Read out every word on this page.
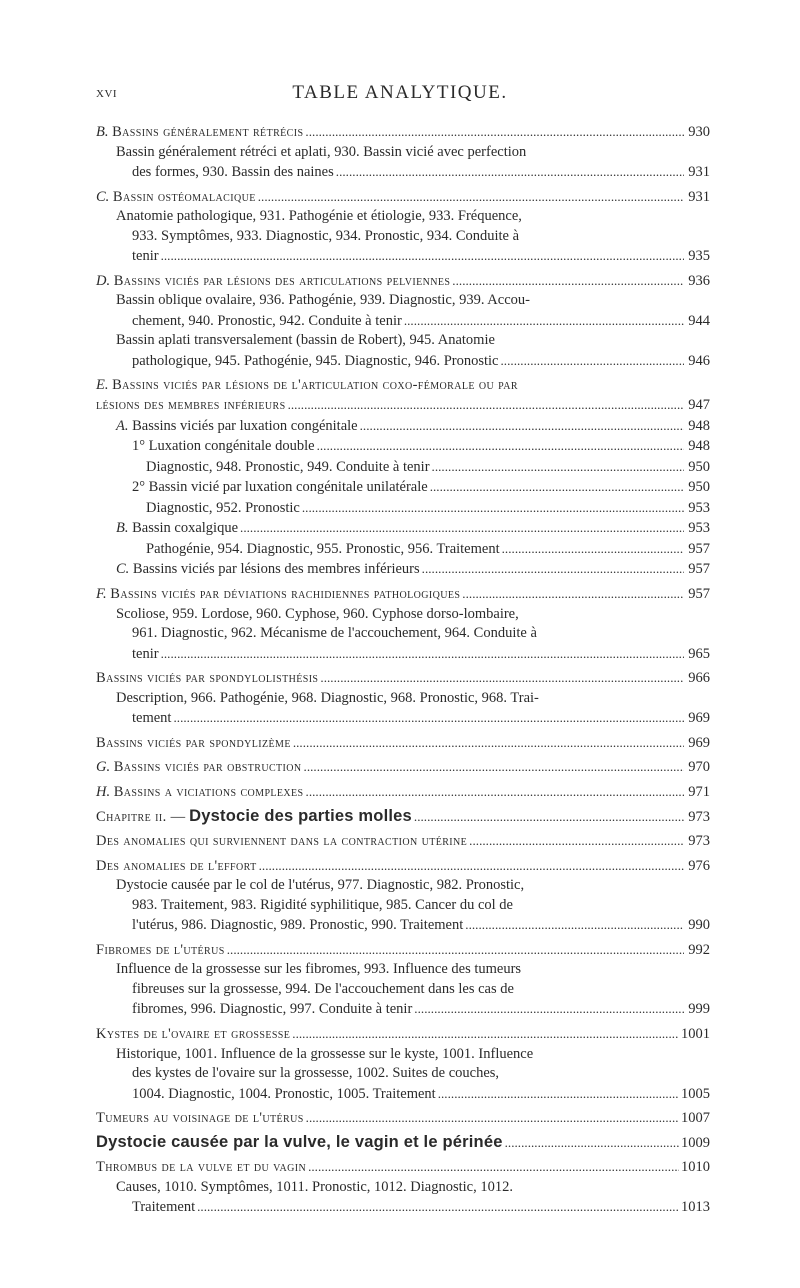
XVI	TABLE ANALYTIQUE.
B. Bassins généralement rétrécis . . .	930
Bassin généralement rétréci et aplati, 930. Bassin vicié avec perfection
des formes, 930. Bassin des naines . . .	931
C. Bassin ostéomalacique . . .	931
Anatomie pathologique, 931. Pathogénie et étiologie, 933. Fréquence,
933. Symptômes, 933. Diagnostic, 934. Pronostic, 934. Conduite à
tenir . . .	935
D. Bassins viciés par lésions des articulations pelviennes . . .	936
Bassin oblique ovalaire, 936. Pathogénie, 939. Diagnostic, 939. Accou-
chement, 940. Pronostic, 942. Conduite à tenir . . .	944
Bassin aplati transversalement (bassin de Robert), 945. Anatomie
pathologique, 945. Pathogénie, 945. Diagnostic, 946. Pronostic . . .	946
E. Bassins viciés par lésions de l'articulation coxo-fémorale ou par
lésions des membres inférieurs . . .	947
A. Bassins viciés par luxation congénitale . . .	948
1° Luxation congénitale double . . .	948
Diagnostic, 948. Pronostic, 949. Conduite à tenir . . .	950
2° Bassin vicié par luxation congénitale unilatérale . . .	950
Diagnostic, 952. Pronostic . . .	953
B. Bassin coxalgique . . .	953
Pathogénie, 954. Diagnostic, 955. Pronostic, 956. Traitement . . .	957
C. Bassins viciés par lésions des membres inférieurs . . .	957
F. Bassins viciés par déviations rachidiennes pathologiques . . .	957
Scoliose, 959. Lordose, 960. Cyphose, 960. Cyphose dorso-lombaire,
961. Diagnostic, 962. Mécanisme de l'accouchement, 964. Conduite à
tenir . . .	965
Bassins viciés par spondylolisthésis . . .	966
Description, 966. Pathogénie, 968. Diagnostic, 968. Pronostic, 968. Trai-
tement . . .	969
Bassins viciés par spondylizème . . .	969
G. Bassins viciés par obstruction . . .	970
H. Bassins a viciations complexes . . .	971
Chapitre ii. — Dystocie des parties molles . . .	973
Des anomalies qui surviennent dans la contraction utérine . . .	973
Des anomalies de l'effort . . .	976
Dystocie causée par le col de l'utérus, 977. Diagnostic, 982. Pronostic,
983. Traitement, 983. Rigidité syphilitique, 985. Cancer du col de
l'utérus, 986. Diagnostic, 989. Pronostic, 990. Traitement . . .	990
Fibromes de l'utérus . . .	992
Influence de la grossesse sur les fibromes, 993. Influence des tumeurs
fibreuses sur la grossesse, 994. De l'accouchement dans les cas de
fibromes, 996. Diagnostic, 997. Conduite à tenir . . .	999
Kystes de l'ovaire et grossesse . . .	1001
Historique, 1001. Influence de la grossesse sur le kyste, 1001. Influence
des kystes de l'ovaire sur la grossesse, 1002. Suites de couches,
1004. Diagnostic, 1004. Pronostic, 1005. Traitement . . .	1005
Tumeurs au voisinage de l'utérus . . .	1007
Dystocie causée par la vulve, le vagin et le périnée . . .	1009
Thrombus de la vulve et du vagin . . .	1010
Causes, 1010. Symptômes, 1011. Pronostic, 1012. Diagnostic, 1012.
Traitement . . .	1013
